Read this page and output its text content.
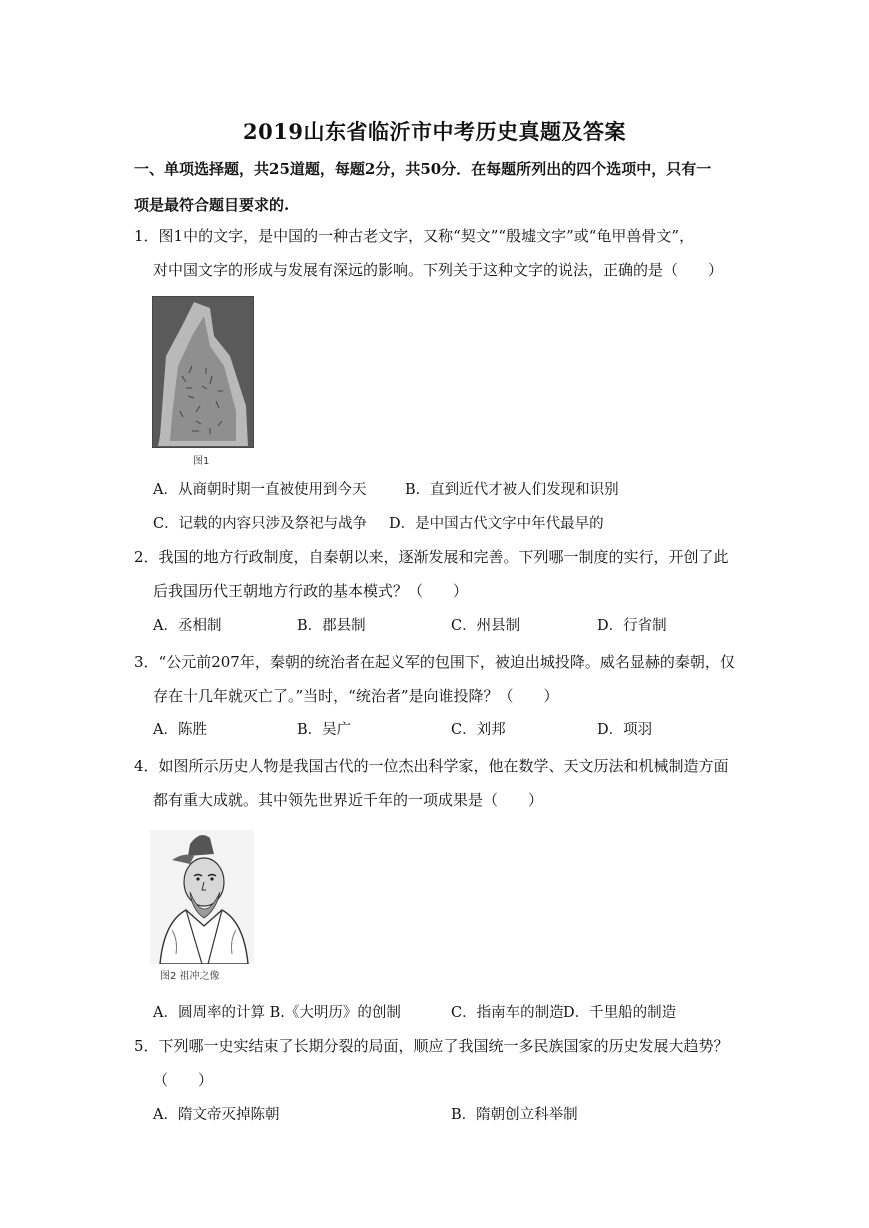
2019山东省临沂市中考历史真题及答案
一、单项选择题，共25道题，每题2分，共50分．在每题所列出的四个选项中，只有一
项是最符合题目要求的.
1．图1中的文字，是中国的一种古老文字，又称“契文”“殷墟文字”或“龟甲兽骨文”，
对中国文字的形成与发展有深远的影响。下列关于这种文字的说法，正确的是（　　）
图1
A．从商朝时期一直被使用到今天	B．直到近代才被人们发现和识别
C．记载的内容只涉及祭祀与战争 D．是中国古代文字中年代最早的
2．我国的地方行政制度，自秦朝以来，逐渐发展和完善。下列哪一制度的实行，开创了此
后我国历代王朝地方行政的基本模式？（　　）
A．丞相制	B．郡县制	C．州县制	D．行省制
3．“公元前207年，秦朝的统治者在起义军的包围下，被迫出城投降。威名显赫的秦朝，仅
存在十几年就灭亡了。”当时，“统治者”是向谁投降？（　　）
A．陈胜	B．吴广	C．刘邦	D．项羽
4．如图所示历史人物是我国古代的一位杰出科学家，他在数学、天文历法和机械制造方面
都有重大成就。其中领先世界近千年的一项成果是（　　）
图2 祖冲之像
A．圆周率的计算 B.《大明历》的创制	C．指南车的制造 D．千里船的制造
5．下列哪一史实结束了长期分裂的局面，顺应了我国统一多民族国家的历史发展大趋势？
（　　）
A．隋文帝灭掉陈朝	B．隋朝创立科举制
